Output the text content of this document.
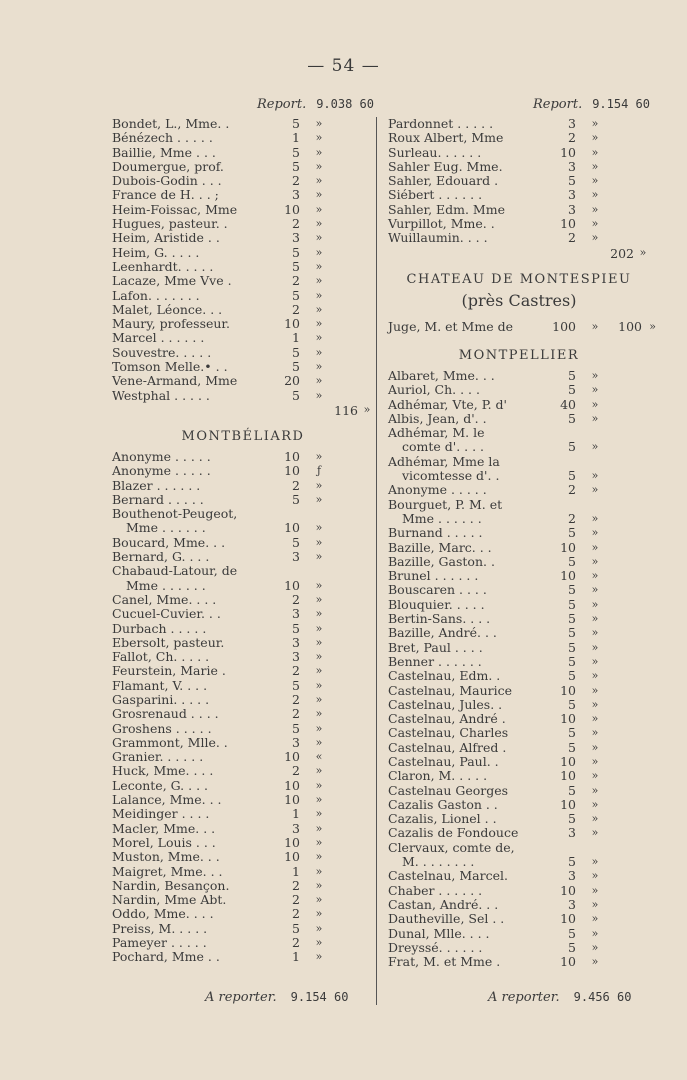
— 54 —
Report. 9.038 60
Bondet, L., Mme. .	5	»
Bénézech . . . . .	1	»
Baillie, Mme . . .	5	»
Doumergue, prof.	5	»
Dubois-Godin . . .	2	»
France de H. . . ;	3	»
Heim-Foissac, Mme	10	»
Hugues, pasteur. .	2	»
Heim, Aristide . .	3	»
Heim, G. . . . .	5	»
Leenhardt. . . . .	5	»
Lacaze, Mme Vve .	2	»
Lafon. . . . . . .	5	»
Malet, Léonce. . .	2	»
Maury, professeur.	10	»
Marcel . . . . . .	1	»
Souvestre. . . . .	5	»
Tomson Melle.• . .	5	»
Vene-Armand, Mme	20	»
Westphal . . . . .	5	»
116 »
MONTBÉLIARD
Anonyme . . . . .	10	»
Anonyme . . . . .	10	ƒ
Blazer . . . . . .	2	»
Bernard . . . . .	5	»
Bouthenot-Peugeot,
Mme . . . . . .	10	»
Boucard, Mme. . .	5	»
Bernard, G. . . .	3	»
Chabaud-Latour, de
Mme . . . . . .	10	»
Canel, Mme. . . .	2	»
Cucuel-Cuvier. . .	3	»
Durbach . . . . .	5	»
Ebersolt, pasteur.	3	»
Fallot, Ch. . . . .	3	»
Feurstein, Marie .	2	»
Flamant, V. . . .	5	»
Gasparini. . . . .	2	»
Grosrenaud . . . .	2	»
Groshens . . . . .	5	»
Grammont, Mlle. .	3	»
Granier. . . . . .	10	«
Huck, Mme. . . .	2	»
Leconte, G. . . .	10	»
Lalance, Mme. . .	10	»
Meidinger . . . .	1	»
Macler, Mme. . .	3	»
Morel, Louis . . .	10	»
Muston, Mme. . .	10	»
Maigret, Mme. . .	1	»
Nardin, Besançon.	2	»
Nardin, Mme Abt.	2	»
Oddo, Mme. . . .	2	»
Preiss, M. . . . .	5	»
Pameyer . . . . .	2	»
Pochard, Mme . .	1	»
A reporter. 9.154 60
Report. 9.154 60
Pardonnet . . . . .	3	»
Roux Albert, Mme	2	»
Surleau. . . . . .	10	»
Sahler Eug. Mme.	3	»
Sahler, Edouard .	5	»
Siébert . . . . . .	3	»
Sahler, Edm. Mme	3	»
Vurpillot, Mme. .	10	»
Wuillaumin. . . .	2	»
202 »
CHATEAU DE MONTESPIEU
(près Castres)
Juge, M. et Mme de	100	» 100 »
MONTPELLIER
Albaret, Mme. . .	5	»
Auriol, Ch. . . .	5	»
Adhémar, Vte, P. d'	40	»
Albis, Jean, d'. .	5	»
Adhémar, M. le
comte d'. . . .	5	»
Adhémar, Mme la
vicomtesse d'. .	5	»
Anonyme . . . . .	2	»
Bourguet, P. M. et
Mme . . . . . .	2	»
Burnand . . . . .	5	»
Bazille, Marc. . .	10	»
Bazille, Gaston. .	5	»
Brunel . . . . . .	10	»
Bouscaren . . . .	5	»
Blouquier. . . . .	5	»
Bertin-Sans. . . .	5	»
Bazille, André. . .	5	»
Bret, Paul . . . .	5	»
Benner . . . . . .	5	»
Castelnau, Edm. .	5	»
Castelnau, Maurice	10	»
Castelnau, Jules. .	5	»
Castelnau, André .	10	»
Castelnau, Charles	5	»
Castelnau, Alfred .	5	»
Castelnau, Paul. .	10	»
Claron, M. . . . .	10	»
Castelnau Georges	5	»
Cazalis Gaston . .	10	»
Cazalis, Lionel . .	5	»
Cazalis de Fondouce	3	»
Clervaux, comte de,
M. . . . . . . .	5	»
Castelnau, Marcel.	3	»
Chaber . . . . . .	10	»
Castan, André. . .	3	»
Dautheville, Sel . .	10	»
Dunal, Mlle. . . .	5	»
Dreyssé. . . . . .	5	»
Frat, M. et Mme .	10	»
A reporter. 9.456 60
